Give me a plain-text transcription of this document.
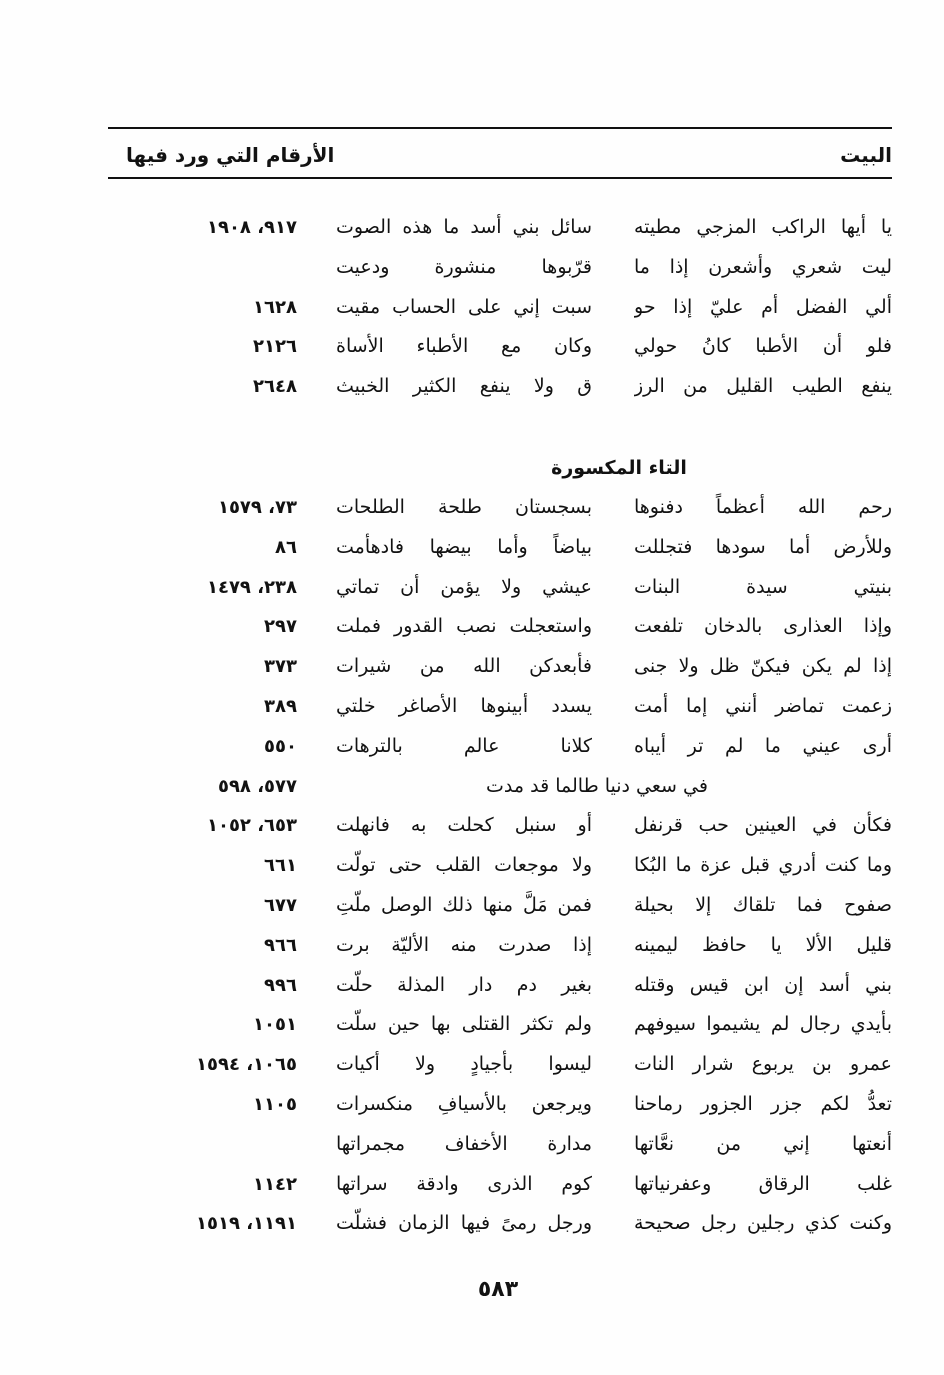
البيت
الأرقام التي ورد فيها
يا أيها الراكب المزجي مطيته
سائل بني أسد ما هذه الصوت
٩١٧، ١٩٠٨
ليت شعري وأشعرن إذا ما
قرّبوها منشورة ودعيت
ألي الفضل أم عليّ إذا حو
سبت إني على الحساب مقيت
١٦٢٨
فلو أن الأطبا كانُ حولي
وكان مع الأطباء الأساة
٢١٢٦
ينفع الطيب القليل من الرز
ق ولا ينفع الكثير الخبيث
٢٦٤٨
التاء المكسورة
رحم الله أعظماً دفنوها
بسجستان طلحة الطلحات
٧٣، ١٥٧٩
وللأرض أما سودها فتجللت
بياضاً وأما بيضها فادهأمت
٨٦
بنيتي سيدة البنات
عيشي ولا يؤمن أن تماتي
٢٣٨، ١٤٧٩
وإذا العذارى بالدخان تلفعت
واستعجلت نصب القدور فملت
٢٩٧
إذا لم يكن فيكنّ ظل ولا جنى
فأبعدكن الله من شيرات
٣٧٣
زعمت تماضر أنني إما أمت
يسدد أبينوها الأصاغر خلتي
٣٨٩
أرى عيني ما لم تر أيباه
كلانا عالم بالترهات
٥٥٠
في سعي دنيا طالما قد مدت
٥٧٧، ٥٩٨
فكأن في العينين حب قرنفل
أو سنبل كحلت به فانهلت
٦٥٣، ١٠٥٢
وما كنت أدري قبل عزة ما البُكا
ولا موجعات القلب حتى تولّت
٦٦١
صفوح فما تلقاك إلا بحيلة
فمن مَلَّ منها ذلك الوصل ملّتِ
٦٧٧
قليل الألا يا حافظ ليمينه
إذا صدرت منه الأليّة برت
٩٦٦
بني أسد إن ابن قيس وقتله
بغير دم دار المذلة حلّت
٩٩٦
بأيدي رجال لم يشيموا سيوفهم
ولم تكثر القتلى بها حين سلّت
١٠٥١
عمرو بن يربوع شرار النات
ليسوا بأجيادٍ ولا أكيات
١٠٦٥، ١٥٩٤
تعدُّ لكم جزر الجزور رماحنا
ويرجعن بالأسيافِ منكسرات
١١٠٥
أنعتها إني من نعَّاتها
مدارة الأخفاف مجمراتها
غلب الرقاق وعفرنياتها
كوم الذرى وادقة سراتها
١١٤٢
وكنت كذي رجلين رجل صحيحة
ورجل رمىً فيها الزمان فشلّت
١١٩١، ١٥١٩
٥٨٣
